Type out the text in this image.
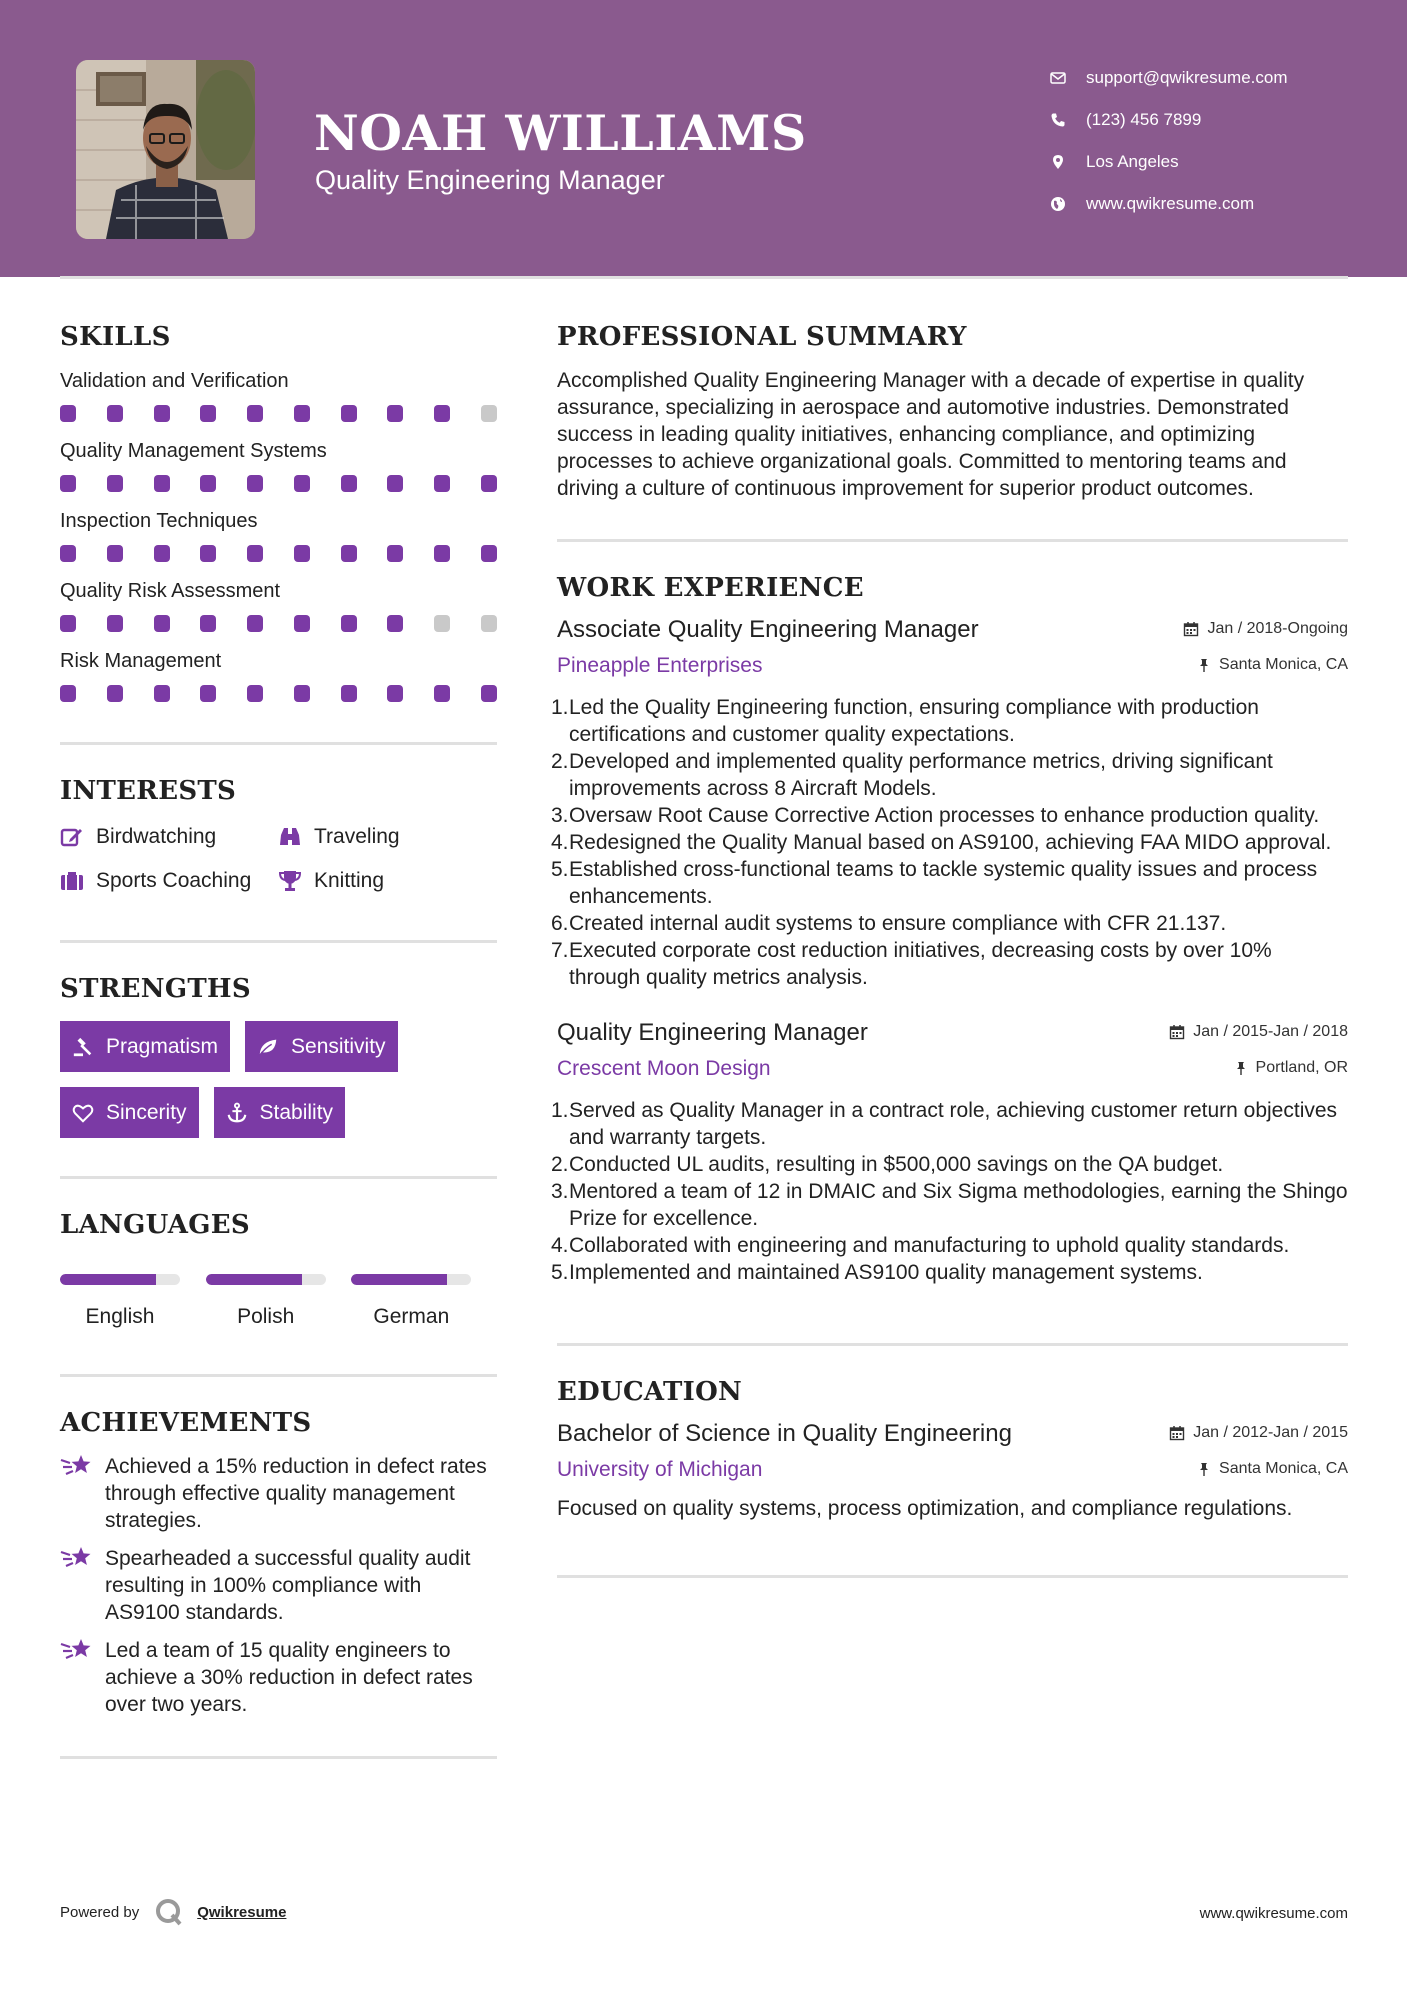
NOAH WILLIAMS
Quality Engineering Manager
support@qwikresume.com
(123) 456 7899
Los Angeles
www.qwikresume.com
SKILLS
Validation and Verification
Quality Management Systems
Inspection Techniques
Quality Risk Assessment
Risk Management
INTERESTS
Birdwatching	Traveling
Sports Coaching	Knitting
STRENGTHS
Pragmatism	Sensitivity
Sincerity	Stability
LANGUAGES
English	Polish	German
ACHIEVEMENTS
Achieved a 15% reduction in defect rates through effective quality management strategies.
Spearheaded a successful quality audit resulting in 100% compliance with AS9100 standards.
Led a team of 15 quality engineers to achieve a 30% reduction in defect rates over two years.
PROFESSIONAL SUMMARY
Accomplished Quality Engineering Manager with a decade of expertise in quality assurance, specializing in aerospace and automotive industries. Demonstrated success in leading quality initiatives, enhancing compliance, and optimizing processes to achieve organizational goals. Committed to mentoring teams and driving a culture of continuous improvement for superior product outcomes.
WORK EXPERIENCE
Associate Quality Engineering Manager	Jan / 2018-Ongoing
Pineapple Enterprises	Santa Monica, CA
1. Led the Quality Engineering function, ensuring compliance with production certifications and customer quality expectations.
2. Developed and implemented quality performance metrics, driving significant improvements across 8 Aircraft Models.
3. Oversaw Root Cause Corrective Action processes to enhance production quality.
4. Redesigned the Quality Manual based on AS9100, achieving FAA MIDO approval.
5. Established cross-functional teams to tackle systemic quality issues and process enhancements.
6. Created internal audit systems to ensure compliance with CFR 21.137.
7. Executed corporate cost reduction initiatives, decreasing costs by over 10% through quality metrics analysis.
Quality Engineering Manager	Jan / 2015-Jan / 2018
Crescent Moon Design	Portland, OR
1. Served as Quality Manager in a contract role, achieving customer return objectives and warranty targets.
2. Conducted UL audits, resulting in $500,000 savings on the QA budget.
3. Mentored a team of 12 in DMAIC and Six Sigma methodologies, earning the Shingo Prize for excellence.
4. Collaborated with engineering and manufacturing to uphold quality standards.
5. Implemented and maintained AS9100 quality management systems.
EDUCATION
Bachelor of Science in Quality Engineering	Jan / 2012-Jan / 2015
University of Michigan	Santa Monica, CA
Focused on quality systems, process optimization, and compliance regulations.
Powered by	Qwikresume	www.qwikresume.com
